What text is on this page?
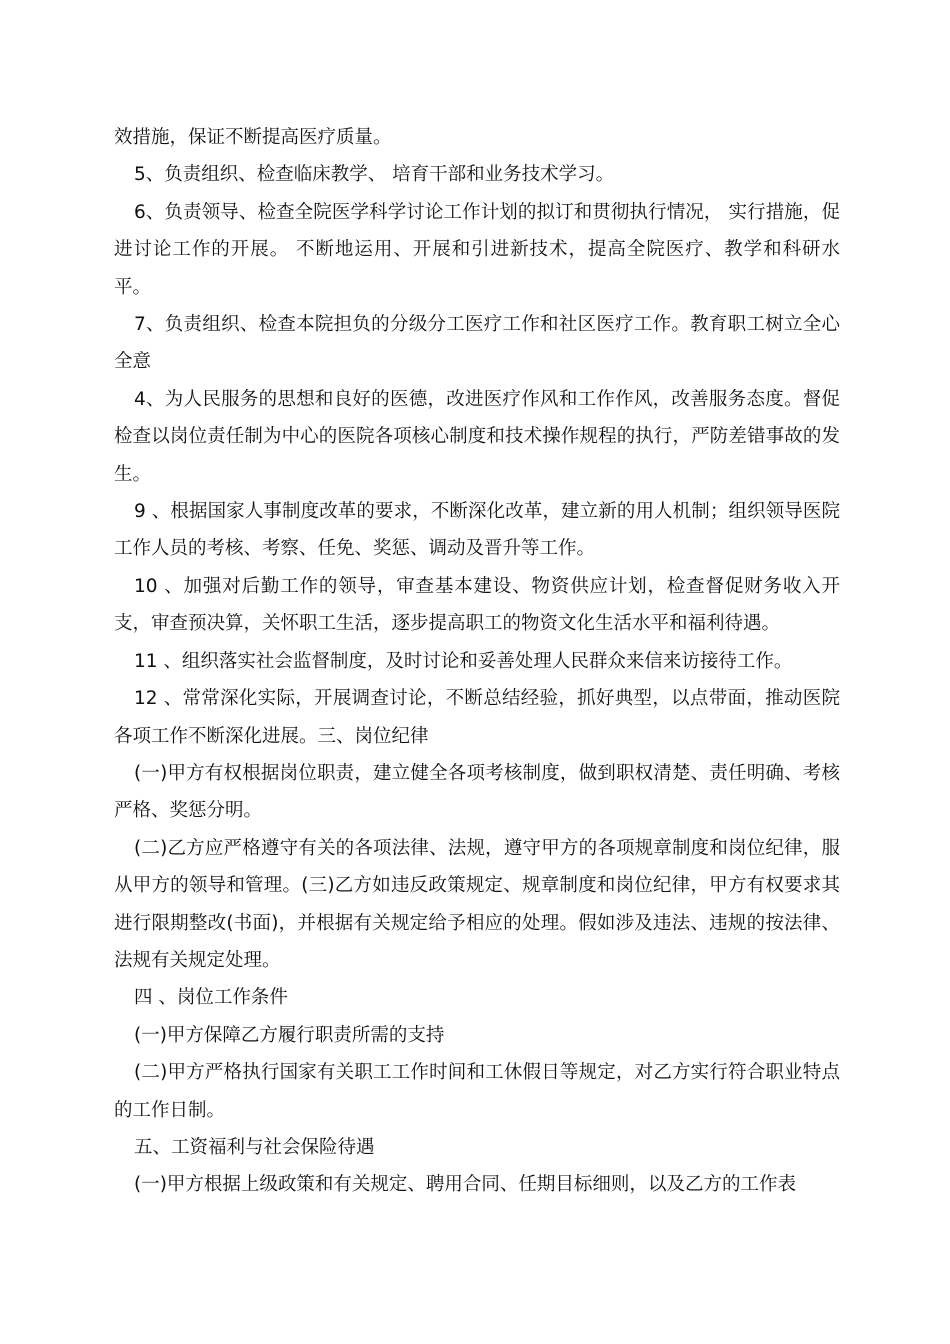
效措施，保证不断提高医疗质量。

5、负责组织、检查临床教学、 培育干部和业务技术学习。

6、负责领导、检查全院医学科学讨论工作计划的拟订和贯彻执行情况， 实行措施，促进讨论工作的开展。 不断地运用、开展和引进新技术，提高全院医疗、教学和科研水平。

7、负责组织、检查本院担负的分级分工医疗工作和社区医疗工作。教育职工树立全心全意

4、为人民服务的思想和良好的医德，改进医疗作风和工作作风，改善服务态度。督促检查以岗位责任制为中心的医院各项核心制度和技术操作规程的执行，严防差错事故的发生。

9 、根据国家人事制度改革的要求，不断深化改革，建立新的用人机制；组织领导医院工作人员的考核、考察、任免、奖惩、调动及晋升等工作。

10 、加强对后勤工作的领导，审查基本建设、物资供应计划，检查督促财务收入开支，审查预决算，关怀职工生活，逐步提高职工的物资文化生活水平和福利待遇。

11 、组织落实社会监督制度，及时讨论和妥善处理人民群众来信来访接待工作。

12 、常常深化实际，开展调查讨论，不断总结经验，抓好典型，以点带面，推动医院各项工作不断深化进展。三、岗位纪律

(一)甲方有权根据岗位职责，建立健全各项考核制度，做到职权清楚、责任明确、考核严格、奖惩分明。

(二)乙方应严格遵守有关的各项法律、法规，遵守甲方的各项规章制度和岗位纪律，服从甲方的领导和管理。(三)乙方如违反政策规定、规章制度和岗位纪律，甲方有权要求其进行限期整改(书面)，并根据有关规定给予相应的处理。假如涉及违法、违规的按法律、法规有关规定处理。

四 、岗位工作条件

(一)甲方保障乙方履行职责所需的支持

(二)甲方严格执行国家有关职工工作时间和工休假日等规定，对乙方实行符合职业特点的工作日制。

五、工资福利与社会保险待遇

(一)甲方根据上级政策和有关规定、聘用合同、任期目标细则，以及乙方的工作表
